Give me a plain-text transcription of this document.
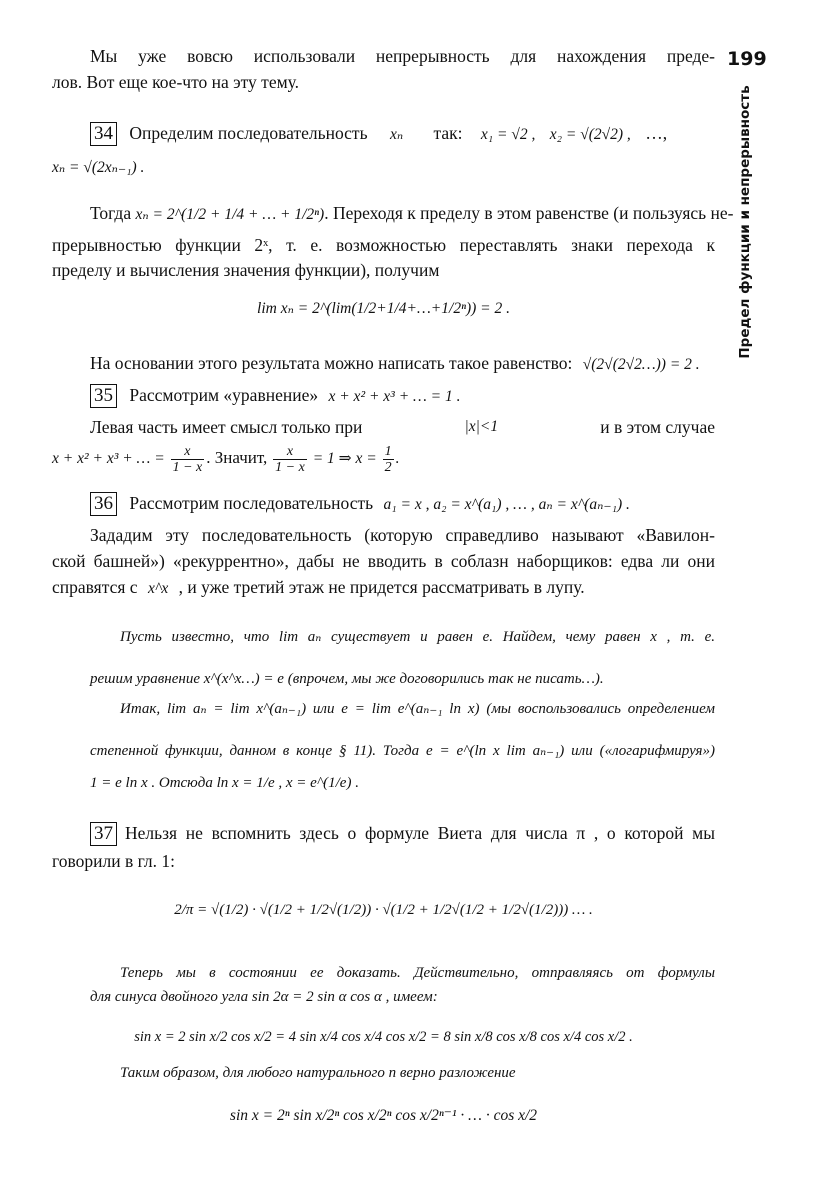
199
Предел функции и непрерывность
Мы уже вовсю использовали непрерывность для нахождения преде-
лов. Вот еще кое-что на эту тему.
34 Определим последовательность xₙ так: x₁ = √2 , x₂ = √(2√2) , …,
xₙ = √(2xₙ₋₁) .
Тогда xₙ = 2^(1/2 + 1/4 + … + 1/2ⁿ). Переходя к пределу в этом равенстве (и пользуясь не-
прерывностью функции 2ˣ, т. е. возможностью переставлять знаки перехода к
пределу и вычисления значения функции), получим
lim xₙ = 2^(lim(1/2+1/4+…+1/2ⁿ)) = 2 .
На основании этого результата можно написать такое равенство: √(2√(2√2…)) = 2 .
35 Рассмотрим «уравнение» x + x² + x³ + … = 1 .
Левая часть имеет смысл только при	|x|<1	и в этом случае
x + x² + x³ + … = $\frac{x}{1 - x}$ . Значит, $\frac{x}{1 - x} = 1$ ⇒ $x = \frac{1}{2}$ .
36 Рассмотрим последовательность a₁ = x , a₂ = x^(a₁) , … , aₙ = x^(aₙ₋₁) .
Зададим эту последовательность (которую справедливо называют «Вавилон-
ской башней») «рекуррентно», дабы не вводить в соблазн наборщиков: едва ли они
справятся с x^x , и уже третий этаж не придется рассматривать в лупу.
Пусть известно, что lim aₙ существует и равен e. Найдем, чему равен x , т. е.
решим уравнение x^(x^x…) = e (впрочем, мы же договорились так не писать…).
Итак, lim aₙ = lim x^(aₙ₋₁) или e = lim e^(aₙ₋₁ ln x) (мы воспользовались определением
степенной функции, данном в конце § 11). Тогда e = e^(ln x lim aₙ₋₁) или («логарифмируя»)
1 = e ln x . Отсюда ln x = 1/e , x = e^(1/e) .
37 Нельзя не вспомнить здесь о формуле Виета для числа π , о которой мы
говорили в гл. 1:
2/π = √(1/2) · √(1/2 + 1/2√(1/2)) · √(1/2 + 1/2√(1/2 + 1/2√(1/2))) … .
Теперь мы в состоянии ее доказать. Действительно, отправляясь от формулы
для синуса двойного угла sin 2α = 2 sin α cos α , имеем:
sin x = 2 sin x/2 cos x/2 = 4 sin x/4 cos x/4 cos x/2 = 8 sin x/8 cos x/8 cos x/4 cos x/2 .
Таким образом, для любого натурального n верно разложение
sin x = 2ⁿ sin x/2ⁿ cos x/2ⁿ cos x/2ⁿ⁻¹ · … · cos x/2
